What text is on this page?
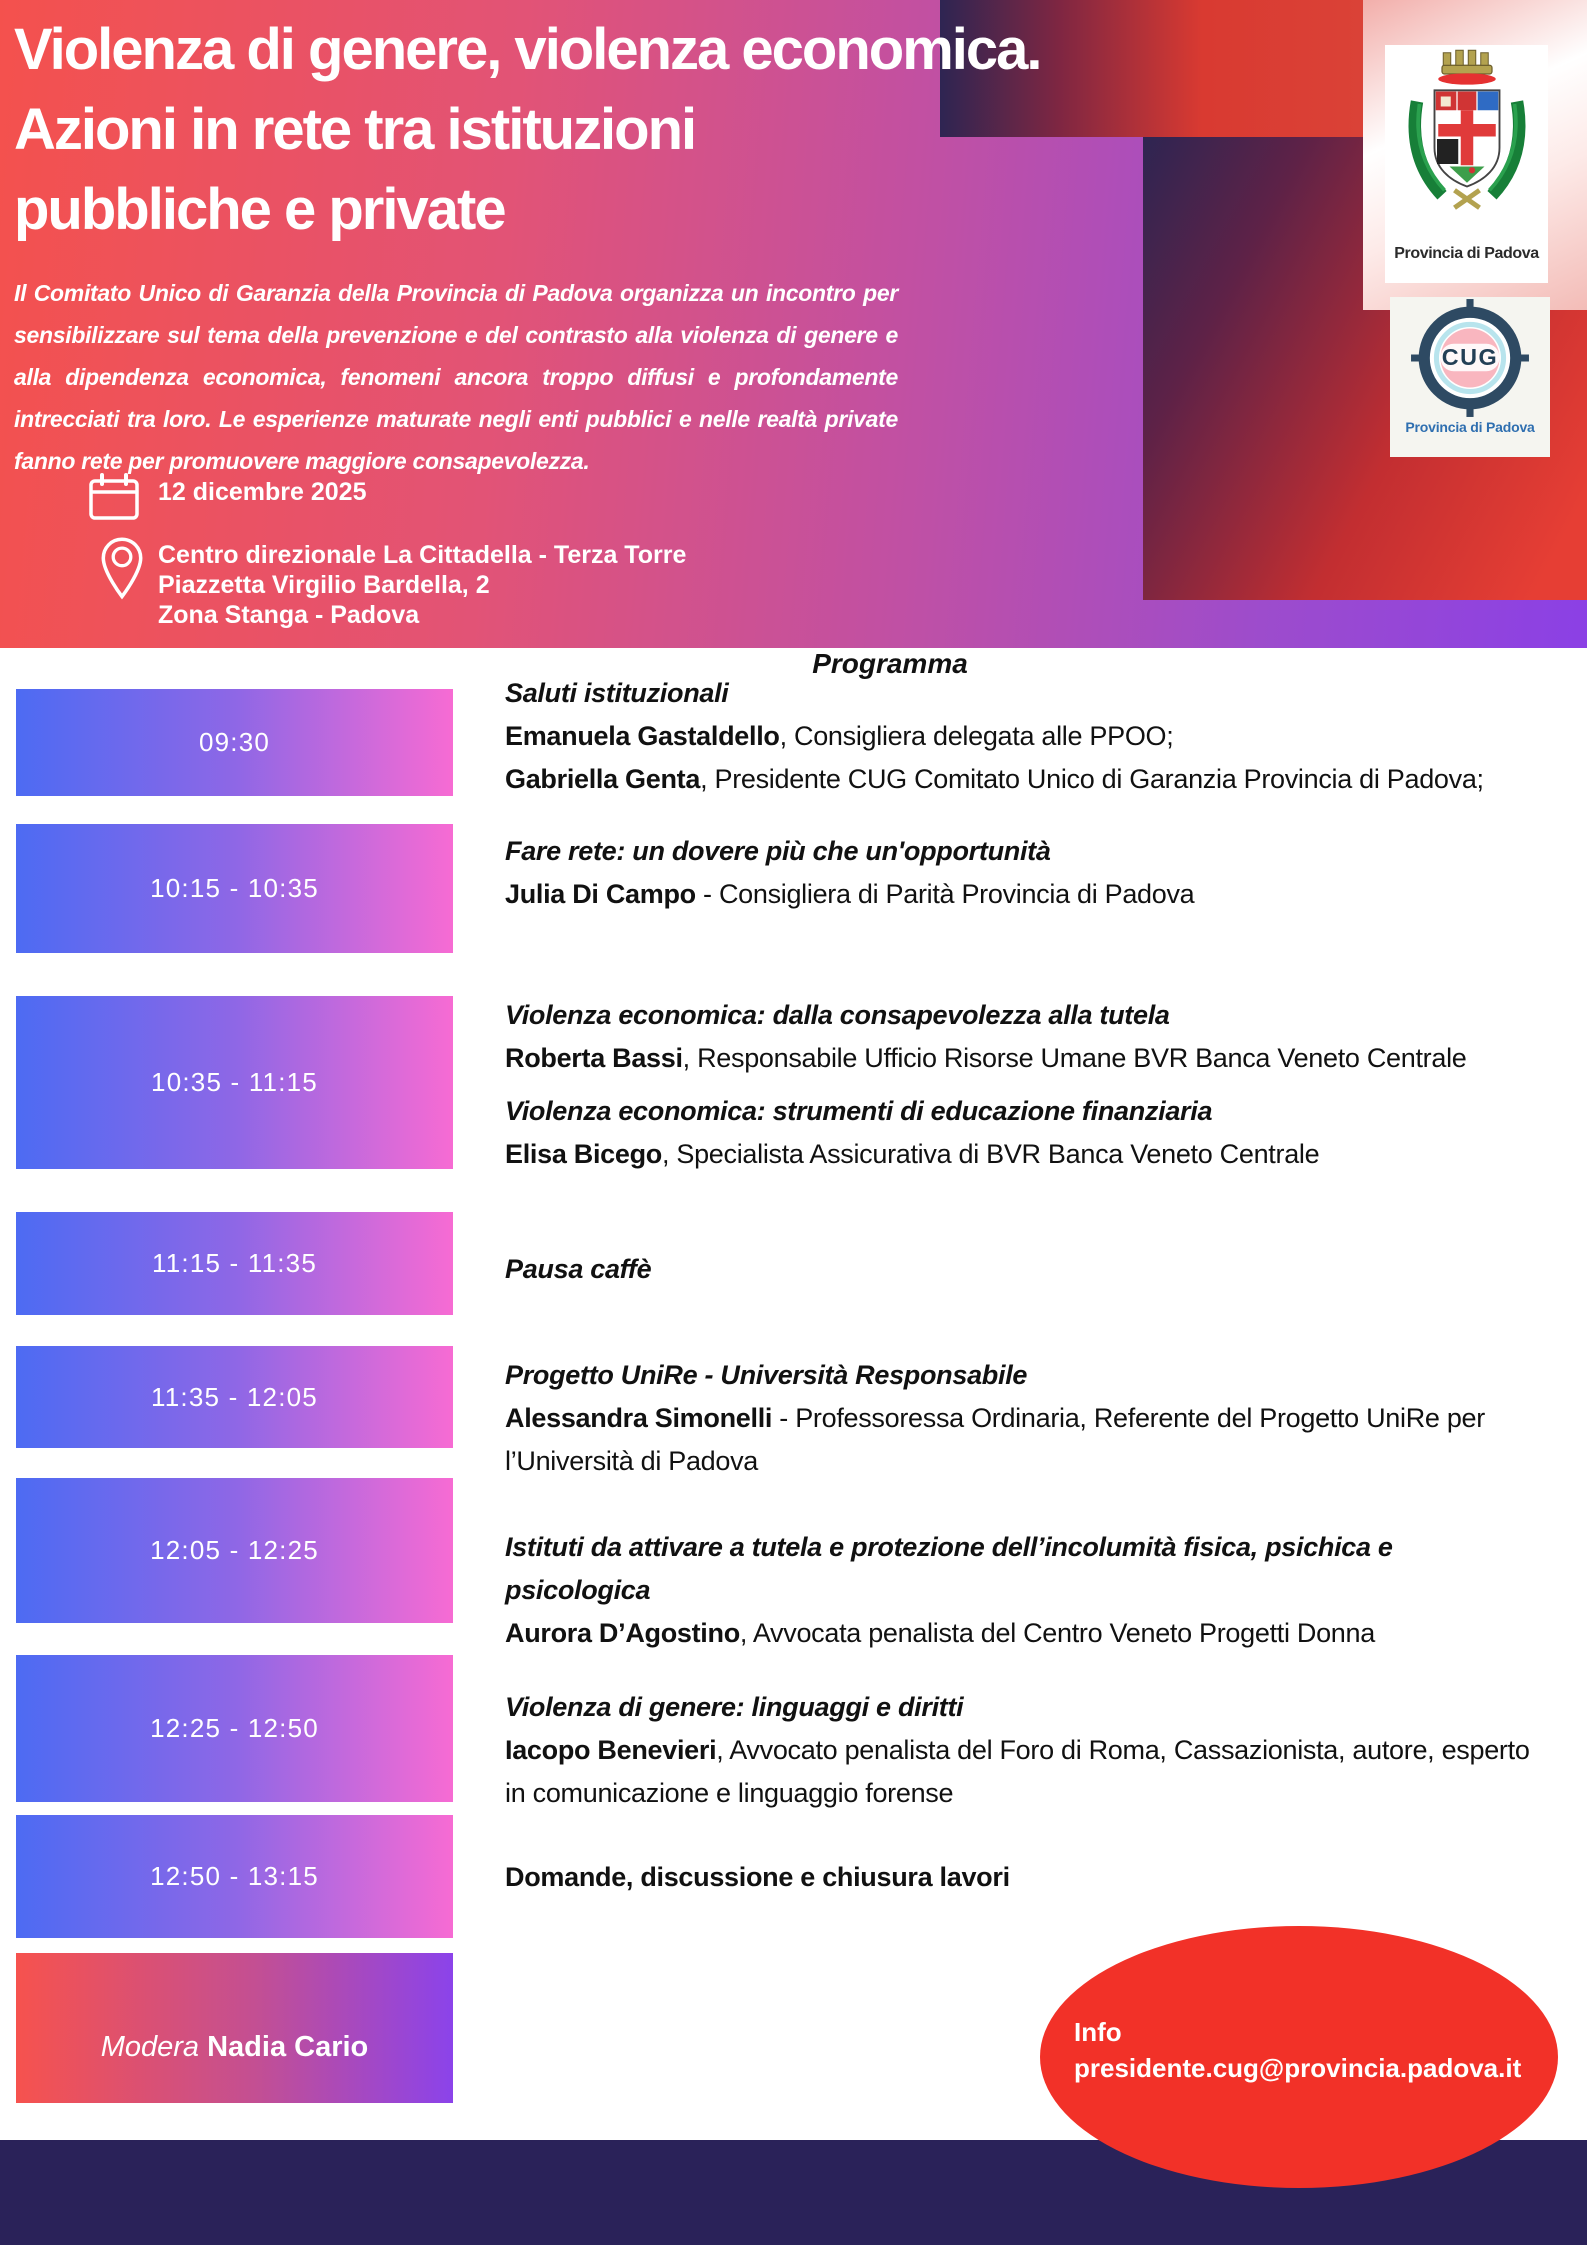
Violenza di genere, violenza economica.
Azioni in rete tra istituzioni
pubbliche e private
Il Comitato Unico di Garanzia della Provincia di Padova organizza un incontro per sensibilizzare sul tema della prevenzione e del contrasto alla violenza di genere e alla dipendenza economica, fenomeni ancora troppo diffusi e profondamente intrecciati tra loro. Le esperienze maturate negli enti pubblici e nelle realtà private fanno rete per promuovere maggiore consapevolezza.
12 dicembre 2025
Centro direzionale La Cittadella - Terza Torre
Piazzetta Virgilio Bardella, 2
Zona Stanga - Padova
Provincia di Padova
CUG
Provincia di Padova
Programma
09:30
10:15 - 10:35
10:35 - 11:15
11:15 - 11:35
11:35 - 12:05
12:05 - 12:25
12:25 - 12:50
12:50 - 13:15
Saluti istituzionali
Emanuela Gastaldello, Consigliera delegata alle PPOO;
Gabriella Genta, Presidente CUG Comitato Unico di Garanzia Provincia di Padova;
Fare rete: un dovere più che un'opportunità
Julia Di Campo - Consigliera di Parità Provincia di Padova
Violenza economica: dalla consapevolezza alla tutela
Roberta Bassi, Responsabile Ufficio Risorse Umane BVR Banca Veneto Centrale
Violenza economica: strumenti di educazione finanziaria
Elisa Bicego, Specialista Assicurativa di BVR Banca Veneto Centrale
Pausa caffè
Progetto UniRe - Università Responsabile
Alessandra Simonelli - Professoressa Ordinaria, Referente del Progetto UniRe per l’Università di Padova
Istituti da attivare a tutela e protezione dell’incolumità fisica, psichica e psicologica
Aurora D’Agostino, Avvocata penalista del Centro Veneto Progetti Donna
Violenza di genere: linguaggi e diritti
Iacopo Benevieri, Avvocato penalista del Foro di Roma, Cassazionista, autore, esperto in comunicazione e linguaggio forense
Domande, discussione e chiusura lavori
Modera Nadia Cario	Info
presidente.cug@provincia.padova.it
